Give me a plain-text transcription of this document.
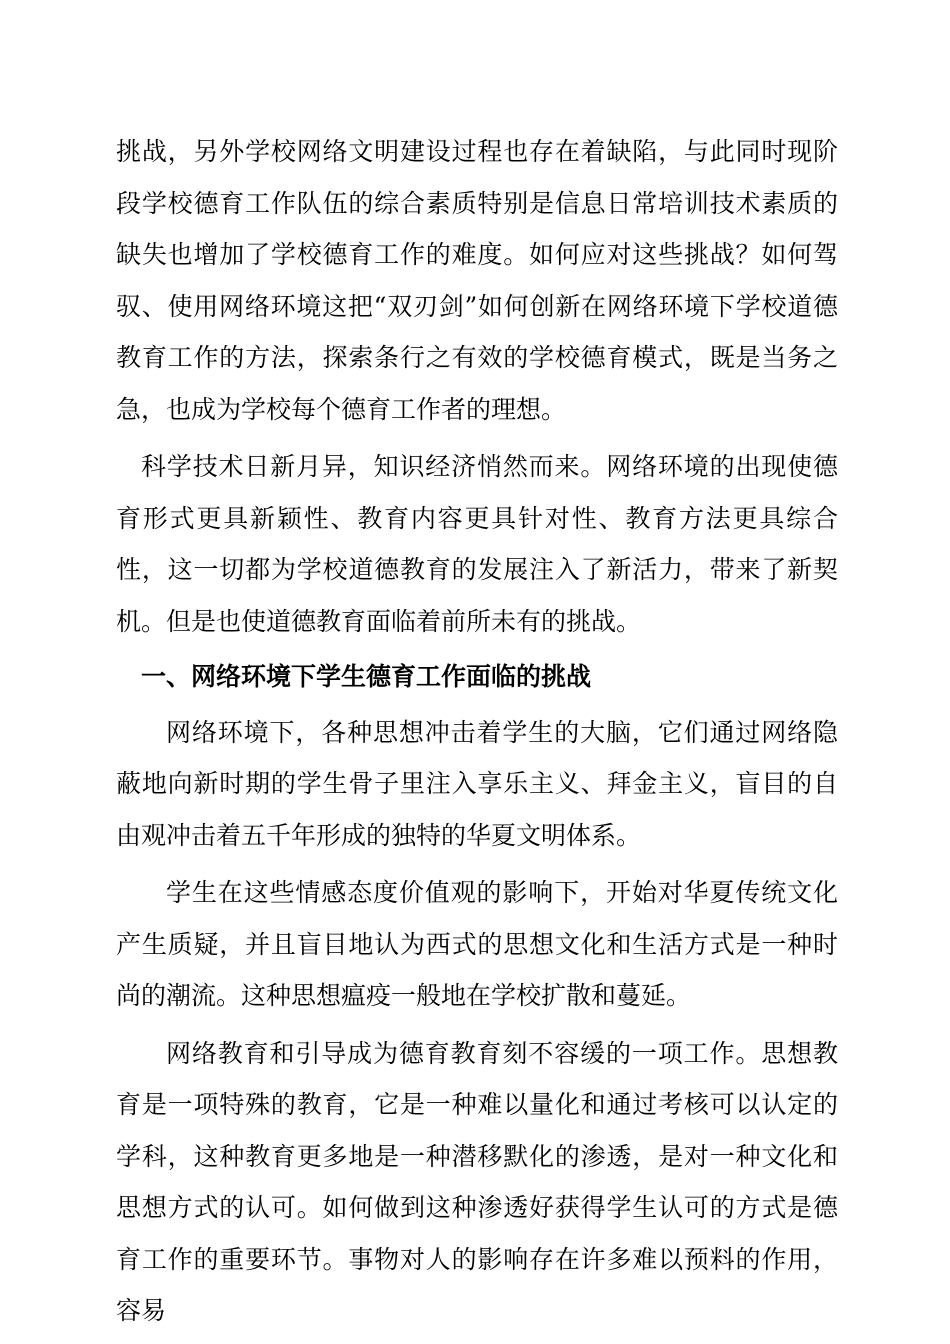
挑战，另外学校网络文明建设过程也存在着缺陷，与此同时现阶段学校德育工作队伍的综合素质特别是信息日常培训技术素质的缺失也增加了学校德育工作的难度。如何应对这些挑战？如何驾驭、使用网络环境这把“双刃剑”如何创新在网络环境下学校道德教育工作的方法，探索条行之有效的学校德育模式，既是当务之急，也成为学校每个德育工作者的理想。

科学技术日新月异，知识经济悄然而来。网络环境的出现使德育形式更具新颖性、教育内容更具针对性、教育方法更具综合性，这一切都为学校道德教育的发展注入了新活力，带来了新契机。但是也使道德教育面临着前所未有的挑战。

一、网络环境下学生德育工作面临的挑战

网络环境下，各种思想冲击着学生的大脑，它们通过网络隐蔽地向新时期的学生骨子里注入享乐主义、拜金主义，盲目的自由观冲击着五千年形成的独特的华夏文明体系。

学生在这些情感态度价值观的影响下，开始对华夏传统文化产生质疑，并且盲目地认为西式的思想文化和生活方式是一种时尚的潮流。这种思想瘟疫一般地在学校扩散和蔓延。

网络教育和引导成为德育教育刻不容缓的一项工作。思想教育是一项特殊的教育，它是一种难以量化和通过考核可以认定的学科，这种教育更多地是一种潜移默化的渗透，是对一种文化和思想方式的认可。如何做到这种渗透好获得学生认可的方式是德育工作的重要环节。事物对人的影响存在许多难以预料的作用，容易
